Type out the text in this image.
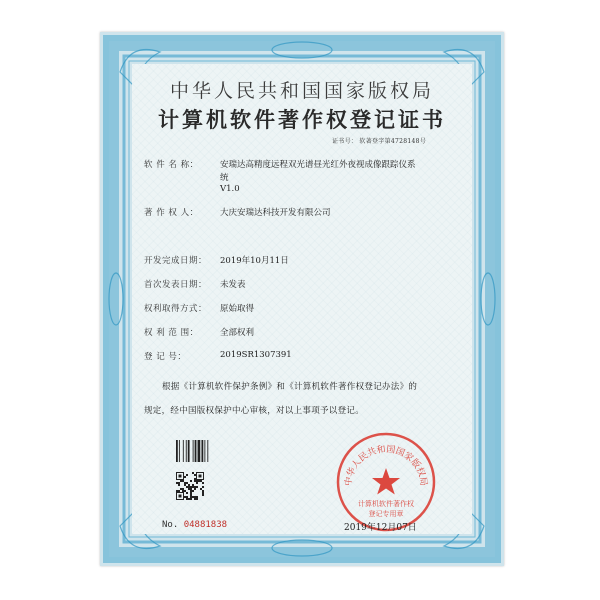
中华人民共和国国家版权局
计算机软件著作权登记证书
证书号： 软著登字第4728148号
软 件 名 称：	安瑞达高精度远程双光谱昼光红外夜视成像跟踪仪系
统
V1.0
著 作 权 人：	大庆安瑞达科技开发有限公司
开发完成日期： 2019年10月11日
首次发表日期： 未发表
权利取得方式： 原始取得
权 利 范 围：	全部权利
登 记 号：	2019SR1307391
根据《计算机软件保护条例》和《计算机软件著作权登记办法》的
规定，经中国版权保护中心审核，对以上事项予以登记。
No. 04881838
中华人民共和国国家版权局
计算机软件著作权
登记专用章
2019年12月07日
